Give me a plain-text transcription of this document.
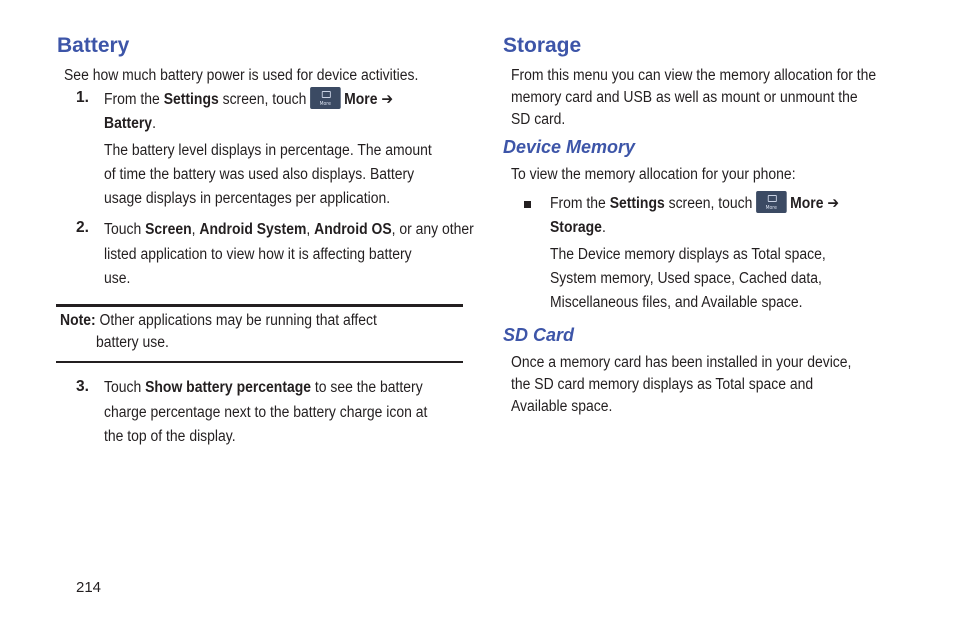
Battery
See how much battery power is used for device activities.
1. From the Settings screen, touch	More More ➔
Battery.
The battery level displays in percentage. The amount
of time the battery was used also displays. Battery
usage displays in percentages per application.
2. Touch Screen, Android System, Android OS, or any other
listed application to view how it is affecting battery
use.
Note: Other applications may be running that affect
battery use.
3. Touch Show battery percentage to see the battery
charge percentage next to the battery charge icon at
the top of the display.
Storage
From this menu you can view the memory allocation for the
memory card and USB as well as mount or unmount the
SD card.
Device Memory
To view the memory allocation for your phone:
From the Settings screen, touch	More More ➔
Storage.
The Device memory displays as Total space,
System memory, Used space, Cached data,
Miscellaneous files, and Available space.
SD Card
Once a memory card has been installed in your device,
the SD card memory displays as Total space and
Available space.
214
